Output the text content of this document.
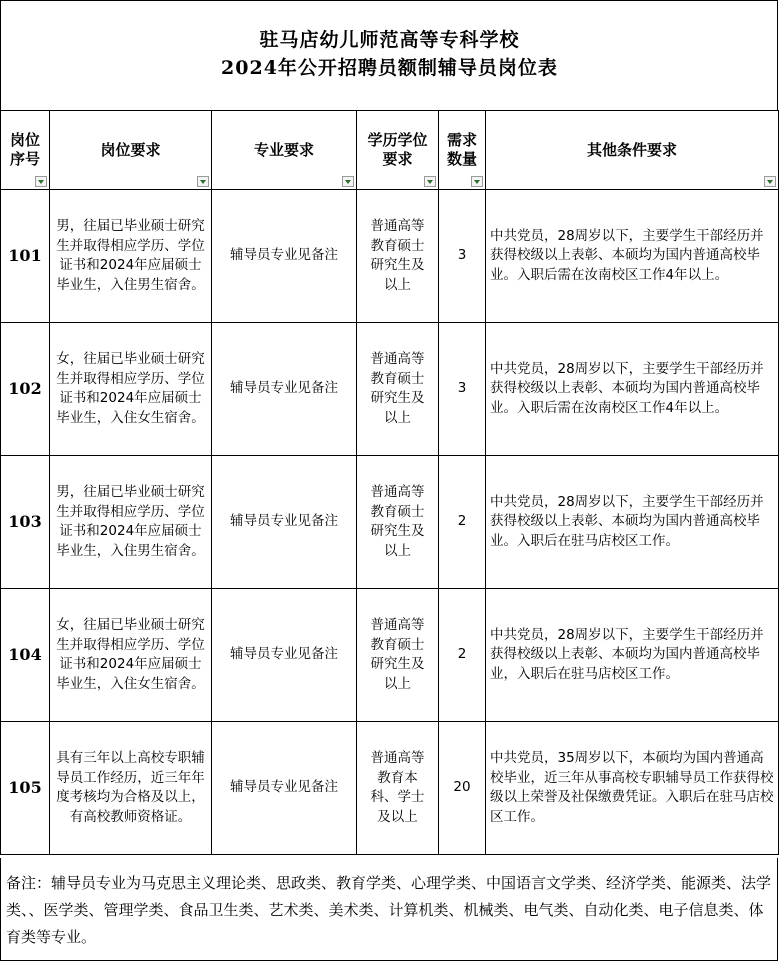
驻马店幼儿师范高等专科学校
2024年公开招聘员额制辅导员岗位表
岗位序号	岗位要求	专业要求	学历学位要求	需求数量	其他条件要求

101	男，往届已毕业硕士研究生并取得相应学历、学位证书和2024年应届硕士毕业生，入住男生宿舍。	辅导员专业见备注	普通高等教育硕士研究生及以上	3	中共党员，28周岁以下，主要学生干部经历并获得校级以上表彰、本硕均为国内普通高校毕业。入职后需在汝南校区工作4年以上。
102	女，往届已毕业硕士研究生并取得相应学历、学位证书和2024年应届硕士毕业生，入住女生宿舍。	辅导员专业见备注	普通高等教育硕士研究生及以上	3	中共党员，28周岁以下，主要学生干部经历并获得校级以上表彰、本硕均为国内普通高校毕业。入职后需在汝南校区工作4年以上。
103	男，往届已毕业硕士研究生并取得相应学历、学位证书和2024年应届硕士毕业生，入住男生宿舍。	辅导员专业见备注	普通高等教育硕士研究生及以上	2	中共党员，28周岁以下，主要学生干部经历并获得校级以上表彰、本硕均为国内普通高校毕业。入职后在驻马店校区工作。
104	女，往届已毕业硕士研究生并取得相应学历、学位证书和2024年应届硕士毕业生，入住女生宿舍。	辅导员专业见备注	普通高等教育硕士研究生及以上	2	中共党员，28周岁以下，主要学生干部经历并获得校级以上表彰、本硕均为国内普通高校毕业，入职后在驻马店校区工作。
105	具有三年以上高校专职辅导员工作经历，近三年年度考核均为合格及以上，有高校教师资格证。	辅导员专业见备注	普通高等教育本科、学士及以上	20	中共党员，35周岁以下，本硕均为国内普通高校毕业，近三年从事高校专职辅导员工作获得校级以上荣誉及社保缴费凭证。入职后在驻马店校区工作。
备注：辅导员专业为马克思主义理论类、思政类、教育学类、心理学类、中国语言文学类、经济学类、能源类、法学类、、医学类、管理学类、食品卫生类、艺术类、美术类、计算机类、机械类、电气类、自动化类、电子信息类、体育类等专业。
